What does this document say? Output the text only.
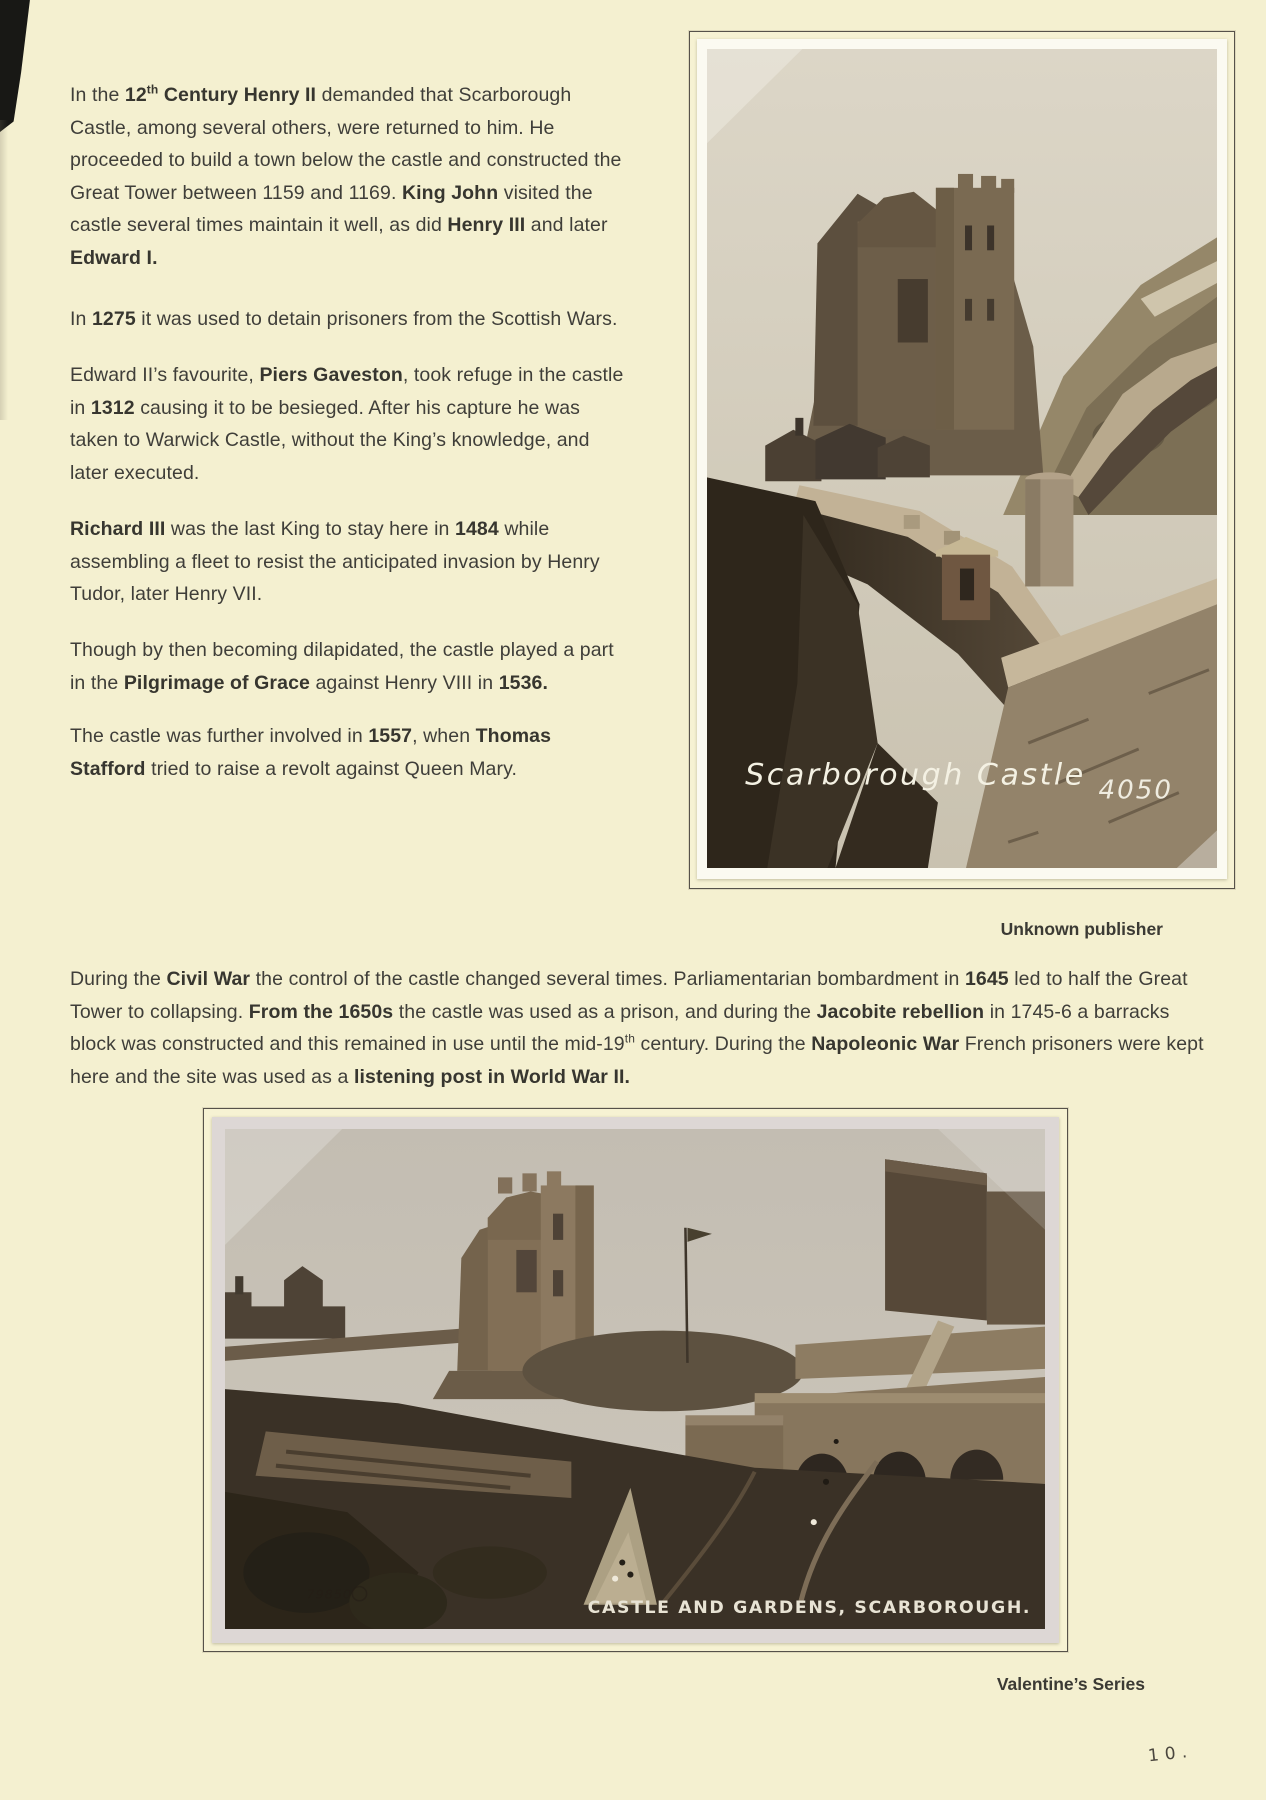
In the 12th Century Henry II demanded that Scarborough Castle, among several others, were returned to him. He proceeded to build a town below the castle and constructed the Great Tower between 1159 and 1169. King John visited the castle several times maintain it well, as did Henry III and later Edward I.

In 1275 it was used to detain prisoners from the Scottish Wars.

Edward II’s favourite, Piers Gaveston, took refuge in the castle in 1312 causing it to be besieged. After his capture he was taken to Warwick Castle, without the King’s knowledge, and later executed.

Richard III was the last King to stay here in 1484 while assembling a fleet to resist the anticipated invasion by Henry Tudor, later Henry VII.

Though by then becoming dilapidated, the castle played a part in the Pilgrimage of Grace against Henry VIII in 1536.

The castle was further involved in 1557, when Thomas Stafford tried to raise a revolt against Queen Mary.	Scarborough Castle 4050

Unknown publisher

During the Civil War the control of the castle changed several times. Parliamentarian bombardment in 1645 led to half the Great Tower to collapsing. From the 1650s the castle was used as a prison, and during the Jacobite rebellion in 1745-6 a barracks block was constructed and this remained in use until the mid-19th century. During the Napoleonic War French prisoners were kept here and the site was used as a listening post in World War II.

CASTLE AND GARDENS, SCARBOROUGH.
79850

Valentine’s Series

10.
